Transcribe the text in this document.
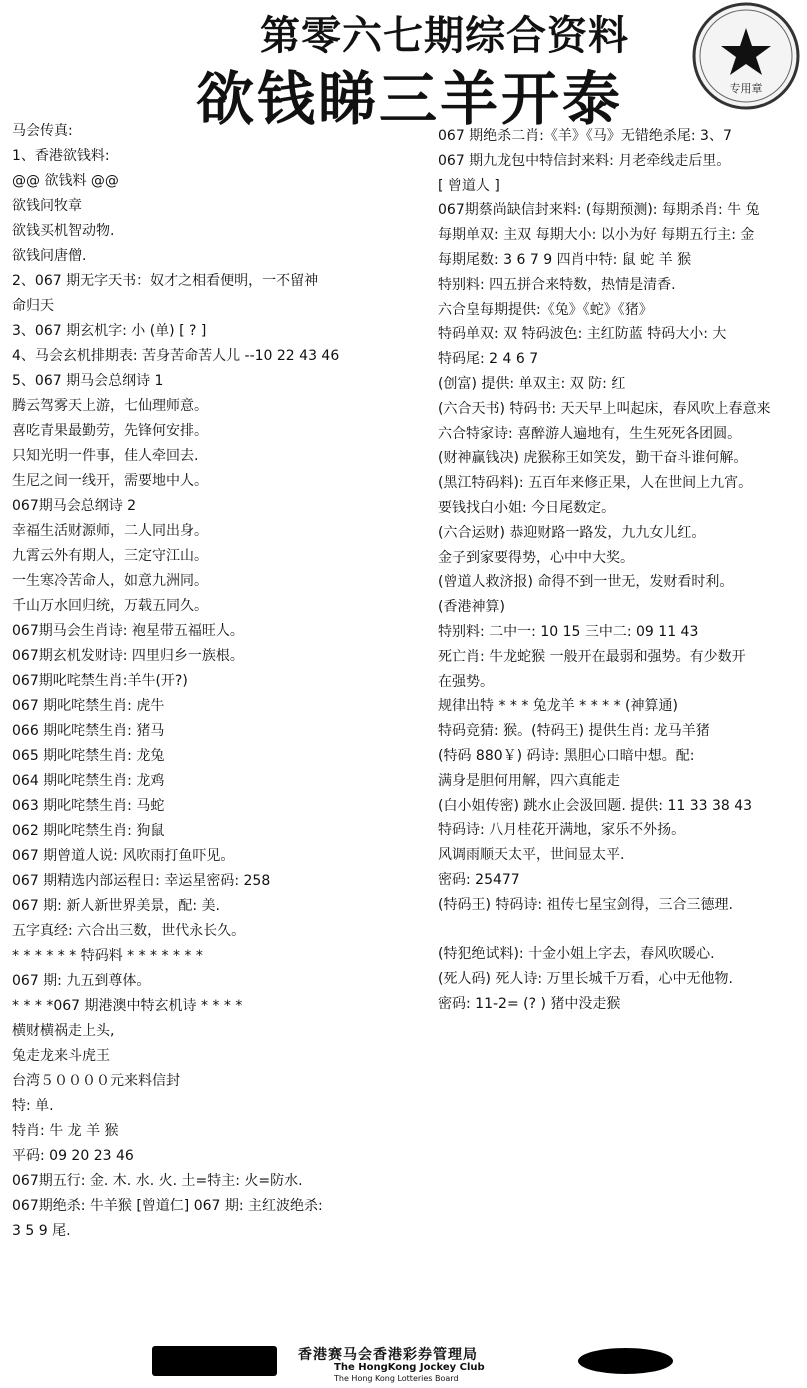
第零六七期综合资料
欲钱睇三羊开泰	专用章
马会传真:
1、香港欲钱料:
@@ 欲钱料 @@
欲钱问牧章
欲钱买机智动物.
欲钱问唐僧.
2、067 期无字天书：奴才之相看便明，一不留神
命归天
3、067 期玄机字: 小 (单) [ ? ]
4、马会玄机排期表: 苦身苦命苦人儿 --10 22 43 46
5、067 期马会总纲诗 1
腾云驾雾天上游，七仙理师意。
喜吃青果最勤劳，先锋何安排。
只知光明一件事，佳人牵回去.
生尼之间一线开，需要地中人。
067期马会总纲诗 2
幸福生活财源师，二人同出身。
九霄云外有期人，三定守江山。
一生寒冷苦命人，如意九洲同。
千山万水回归统，万载五同久。
067期马会生肖诗: 袍星带五福旺人。
067期玄机发财诗: 四里归乡一族根。
067期叱咤禁生肖:羊牛(开?)
067 期叱咤禁生肖: 虎牛
066 期叱咤禁生肖: 猪马
065 期叱咤禁生肖: 龙兔
064 期叱咤禁生肖: 龙鸡
063 期叱咤禁生肖: 马蛇
062 期叱咤禁生肖: 狗鼠
067 期曾道人说: 风吹雨打鱼吓见。
067 期精选内部运程日: 幸运星密码: 258
067 期: 新人新世界美景，配: 美.
五字真经: 六合出三数，世代永长久。
* * * * * * 特码料 * * * * * * *
067 期: 九五到尊体。
* * * *067 期港澳中特玄机诗 * * * *
横财横祸走上头,
兔走龙来斗虎王
台湾５００００元来料信封
特: 单.
特肖: 牛 龙 羊 猴
平码: 09 20 23 46
067期五行: 金. 木. 水. 火. 土=特主: 火=防水.
067期绝杀: 牛羊猴 [曾道仁] 067 期: 主红波绝杀:
3 5 9 尾.
067 期绝杀二肖:《羊》《马》无错绝杀尾: 3、7
067 期九龙包中特信封来料: 月老牵线走后里。
[ 曾道人 ]
067期蔡尚缺信封来料: (每期预测): 每期杀肖: 牛 兔
每期单双: 主双 每期大小: 以小为好 每期五行主: 金
每期尾数: 3 6 7 9 四肖中特: 鼠 蛇 羊 猴
特别料: 四五拼合来特数，热情是清香.
六合皇每期提供:《兔》《蛇》《猪》
特码单双: 双 特码波色: 主红防蓝 特码大小: 大
特码尾: 2 4 6 7
(创富) 提供: 单双主: 双 防: 红
(六合天书) 特码书: 天天早上叫起床，春风吹上春意来
六合特家诗: 喜醉游人遍地有，生生死死各团圆。
(财神赢钱决) 虎猴称王如笑发，勤干奋斗谁何解。
(黑江特码料): 五百年来修正果，人在世间上九宵。
要钱找白小姐: 今日尾数定。
(六合运财) 恭迎财路一路发，九九女儿红。
金子到家要得势，心中中大奖。
(曾道人救济报) 命得不到一世无，发财看时利。
(香港神算)
特别料: 二中一: 10 15 三中二: 09 11 43
死亡肖: 牛龙蛇猴 一般开在最弱和强势。有少数开
在强势。
规律出特 * * * 兔龙羊 * * * * (神算通)
特码竞猜: 猴。(特码王) 提供生肖: 龙马羊猪
(特码 880￥) 码诗: 黑胆心口暗中想。配:
满身是胆何用解，四六真能走
(白小姐传密) 跳水止会汲回题. 提供: 11 33 38 43
特码诗: 八月桂花开满地，家乐不外扬。
风调雨顺天太平，世间显太平.
密码: 25477
(特码王) 特码诗: 祖传七星宝剑得，三合三德理.
(特犯绝试料): 十金小姐上字去，春风吹暖心.
(死人码) 死人诗: 万里长城千万看，心中无他物.
密码: 11-2= (? ) 猪中没走猴
香港赛马会香港彩券管理局
The HongKong Jockey Club
The Hong Kong Lotteries Board
